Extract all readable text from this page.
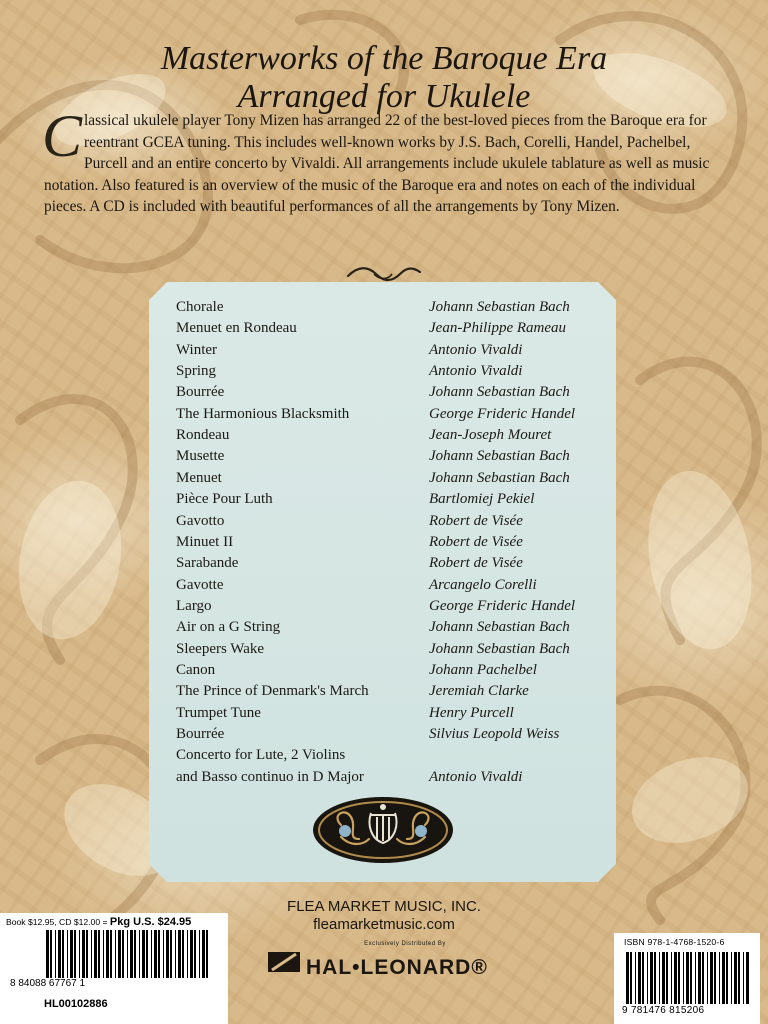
Masterworks of the Baroque Era
Arranged for Ukulele
Classical ukulele player Tony Mizen has arranged 22 of the best-loved pieces from the Baroque era for reentrant GCEA tuning. This includes well-known works by J.S. Bach, Corelli, Handel, Pachelbel, Purcell and an entire concerto by Vivaldi. All arrangements include ukulele tablature as well as music notation. Also featured is an overview of the music of the Baroque era and notes on each of the individual pieces. A CD is included with beautiful performances of all the arrangements by Tony Mizen.
Chorale	Johann Sebastian Bach
Menuet en Rondeau	Jean-Philippe Rameau
Winter	Antonio Vivaldi
Spring	Antonio Vivaldi
Bourrée	Johann Sebastian Bach
The Harmonious Blacksmith	George Frideric Handel
Rondeau	Jean-Joseph Mouret
Musette	Johann Sebastian Bach
Menuet	Johann Sebastian Bach
Pièce Pour Luth	Bartlomiej Pekiel
Gavotto	Robert de Visée
Minuet II	Robert de Visée
Sarabande	Robert de Visée
Gavotte	Arcangelo Corelli
Largo	George Frideric Handel
Air on a G String	Johann Sebastian Bach
Sleepers Wake	Johann Sebastian Bach
Canon	Johann Pachelbel
The Prince of Denmark's March	Jeremiah Clarke
Trumpet Tune	Henry Purcell
Bourrée	Silvius Leopold Weiss
Concerto for Lute, 2 Violins
and Basso continuo in D Major	Antonio Vivaldi
FLEA MARKET MUSIC, INC.
fleamarketmusic.com
Exclusively Distributed By
HAL•LEONARD®
Book $12.95, CD $12.00 = Pkg U.S. $24.95
8 84088 67767 1
HL00102886
ISBN 978-1-4768-1520-6
9 781476 815206
